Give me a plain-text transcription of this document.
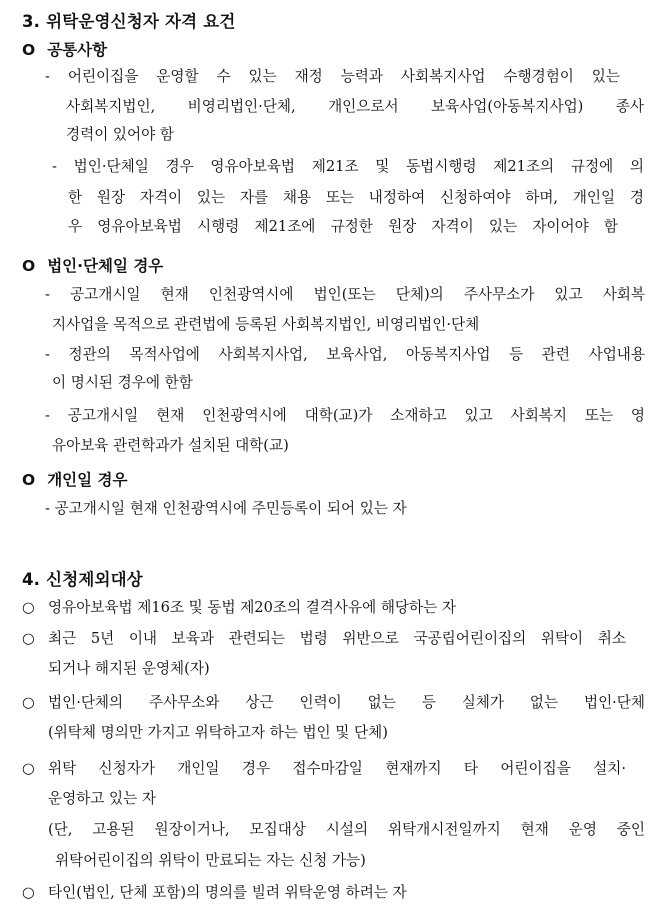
3. 위탁운영신청자 자격 요건
O 공통사항
- 어린이집을 운영할 수 있는 재정 능력과 사회복지사업 수행경험이 있는
사회복지법인, 비영리법인·단체, 개인으로서 보육사업(아동복지사업) 종사
경력이 있어야 함
- 법인·단체일 경우 영유아보육법 제21조 및 동법시행령 제21조의 규정에 의
한 원장 자격이 있는 자를 채용 또는 내정하여 신청하여야 하며, 개인일 경
우 영유아보육법 시행령 제21조에 규정한 원장 자격이 있는 자이어야 함
O 법인·단체일 경우
- 공고개시일 현재 인천광역시에 법인(또는 단체)의 주사무소가 있고 사회복
지사업을 목적으로 관련법에 등록된 사회복지법인, 비영리법인·단체
- 정관의 목적사업에 사회복지사업, 보육사업, 아동복지사업 등 관련 사업내용
이 명시된 경우에 한함
- 공고개시일 현재 인천광역시에 대학(교)가 소재하고 있고 사회복지 또는 영
유아보육 관련학과가 설치된 대학(교)
O 개인일 경우
- 공고개시일 현재 인천광역시에 주민등록이 되어 있는 자
4. 신청제외대상
○ 영유아보육법 제16조 및 동법 제20조의 결격사유에 해당하는 자
○ 최근 5년 이내 보육과 관련되는 법령 위반으로 국공립어린이집의 위탁이 취소
되거나 해지된 운영체(자)
○ 법인·단체의 주사무소와 상근 인력이 없는 등 실체가 없는 법인·단체
(위탁체 명의만 가지고 위탁하고자 하는 법인 및 단체)
○ 위탁 신청자가 개인일 경우 접수마감일 현재까지 타 어린이집을 설치·
운영하고 있는 자
(단, 고용된 원장이거나, 모집대상 시설의 위탁개시전일까지 현재 운영 중인
위탁어린이집의 위탁이 만료되는 자는 신청 가능)
○ 타인(법인, 단체 포함)의 명의를 빌려 위탁운영 하려는 자
